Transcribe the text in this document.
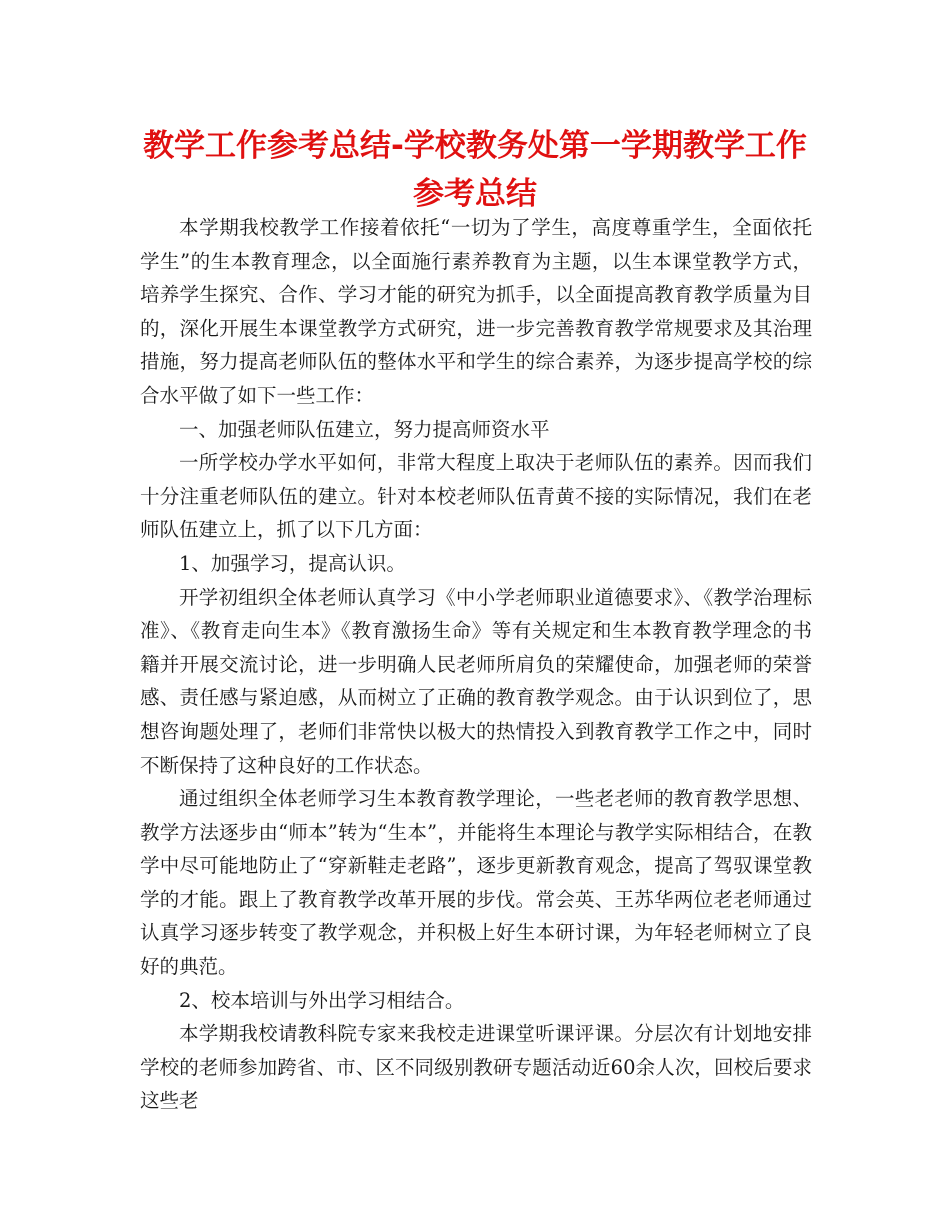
教学工作参考总结-学校教务处第一学期教学工作参考总结

本学期我校教学工作接着依托“一切为了学生，高度尊重学生，全面依托学生”的生本教育理念，以全面施行素养教育为主题，以生本课堂教学方式，培养学生探究、合作、学习才能的研究为抓手，以全面提高教育教学质量为目的，深化开展生本课堂教学方式研究，进一步完善教育教学常规要求及其治理措施，努力提高老师队伍的整体水平和学生的综合素养，为逐步提高学校的综合水平做了如下一些工作：

一、加强老师队伍建立，努力提高师资水平

一所学校办学水平如何，非常大程度上取决于老师队伍的素养。因而我们十分注重老师队伍的建立。针对本校老师队伍青黄不接的实际情况，我们在老师队伍建立上，抓了以下几方面：

1、加强学习，提高认识。

开学初组织全体老师认真学习《中小学老师职业道德要求》、《教学治理标准》、《教育走向生本》《教育激扬生命》等有关规定和生本教育教学理念的书籍并开展交流讨论，进一步明确人民老师所肩负的荣耀使命，加强老师的荣誉感、责任感与紧迫感，从而树立了正确的教育教学观念。由于认识到位了，思想咨询题处理了，老师们非常快以极大的热情投入到教育教学工作之中，同时不断保持了这种良好的工作状态。

通过组织全体老师学习生本教育教学理论，一些老老师的教育教学思想、教学方法逐步由“师本”转为“生本”，并能将生本理论与教学实际相结合，在教学中尽可能地防止了“穿新鞋走老路”，逐步更新教育观念，提高了驾驭课堂教学的才能。跟上了教育教学改革开展的步伐。常会英、王苏华两位老老师通过认真学习逐步转变了教学观念，并积极上好生本研讨课，为年轻老师树立了良好的典范。

2、校本培训与外出学习相结合。

本学期我校请教科院专家来我校走进课堂听课评课。分层次有计划地安排学校的老师参加跨省、市、区不同级别教研专题活动近60余人次，回校后要求这些老
